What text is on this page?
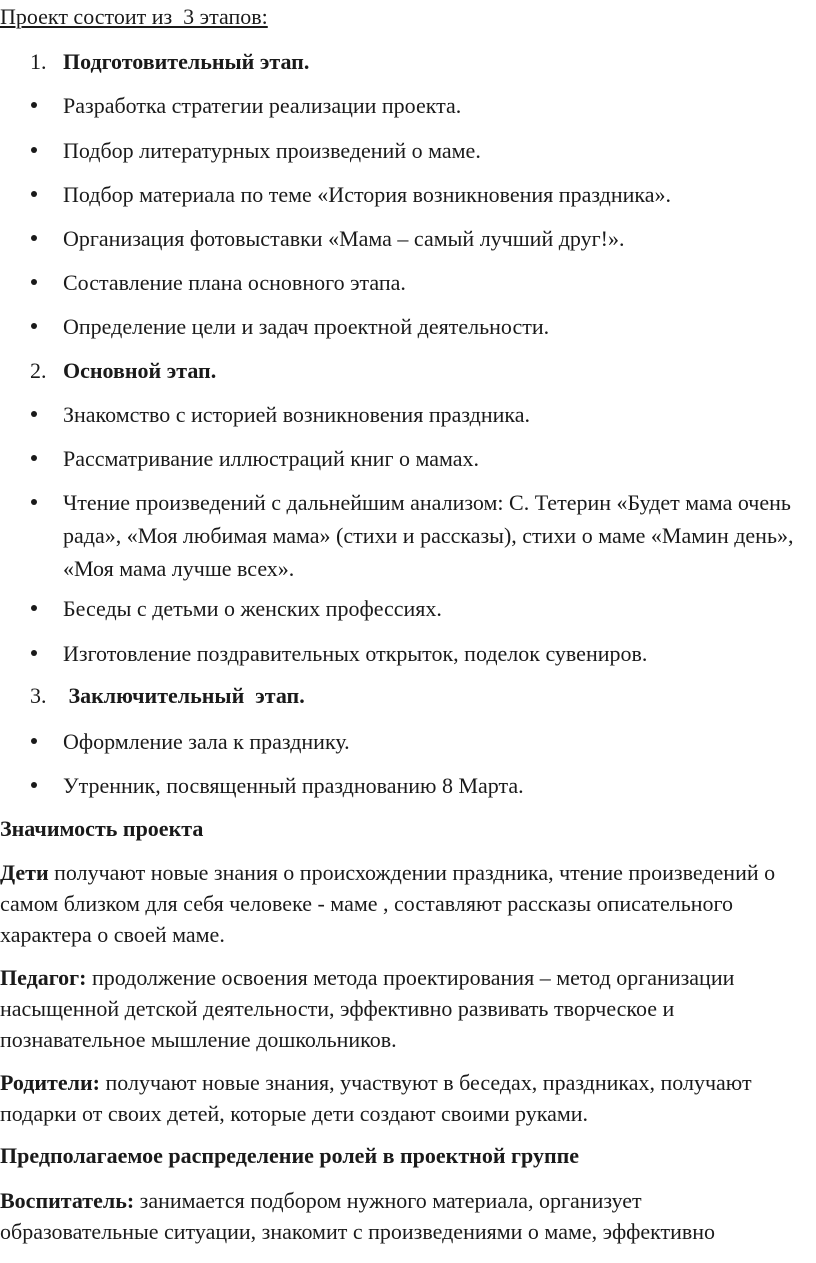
Проект состоит из  3 этапов:
1. Подготовительный этап.
Разработка стратегии реализации проекта.
Подбор литературных произведений о маме.
Подбор материала по теме «История возникновения праздника».
Организация фотовыставки «Мама – самый лучший друг!».
Составление плана основного этапа.
Определение цели и задач проектной деятельности.
2. Основной этап.
Знакомство с историей возникновения праздника.
Рассматривание иллюстраций книг о мамах.
Чтение произведений с дальнейшим анализом: С. Тетерин «Будет мама очень рада», «Моя любимая мама» (стихи и рассказы), стихи о маме «Мамин день», «Моя мама лучше всех».
Беседы с детьми о женских профессиях.
Изготовление поздравительных открыток, поделок сувениров.
3. Заключительный  этап.
Оформление зала к празднику.
Утренник, посвященный празднованию 8 Марта.
Значимость проекта
Дети получают новые знания о происхождении праздника, чтение произведений о самом близком для себя человеке - маме , составляют рассказы описательного характера о своей маме.
Педагог: продолжение освоения метода проектирования – метод организации насыщенной детской деятельности, эффективно развивать творческое и познавательное мышление дошкольников.
Родители: получают новые знания, участвуют в беседах, праздниках, получают подарки от своих детей, которые дети создают своими руками.
Предполагаемое распределение ролей в проектной группе
Воспитатель: занимается подбором нужного материала, организует образовательные ситуации, знакомит с произведениями о маме, эффективно
